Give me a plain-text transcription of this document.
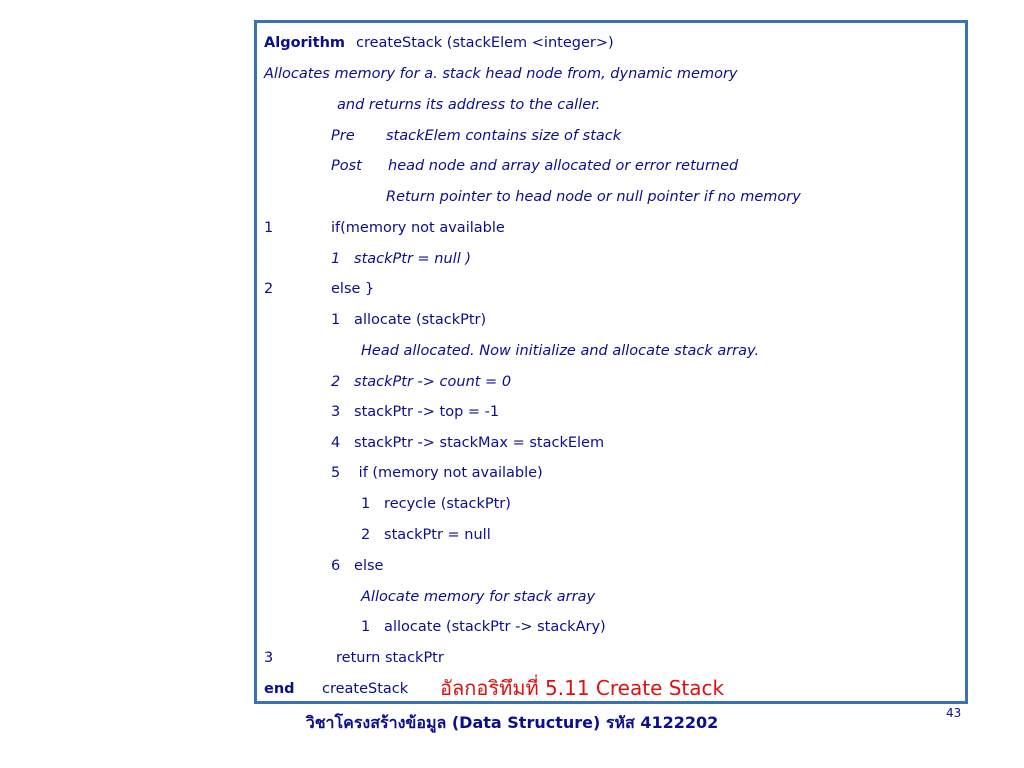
Algorithm createStack (stackElem <integer>)
Allocates memory for a. stack head node from, dynamic memory
and returns its address to the caller.
Pre stackElem contains size of stack
Post head node and array allocated or error returned
Return pointer to head node or null pointer if no memory
1	if(memory not available
1   stackPtr = null )
2	else }
1   allocate (stackPtr)
Head allocated. Now initialize and allocate stack array.
2   stackPtr -> count = 0
3   stackPtr -> top = -1
4   stackPtr -> stackMax = stackElem
5    if (memory not available)
1   recycle (stackPtr)
2   stackPtr = null
6   else
Allocate memory for stack array
1   allocate (stackPtr -> stackAry)
3	return stackPtr
end createStack อัลกอริทึมที่ 5.11 Create Stack
วิชาโครงสร้างข้อมูล (Data Structure) รหัส 4122202	43
